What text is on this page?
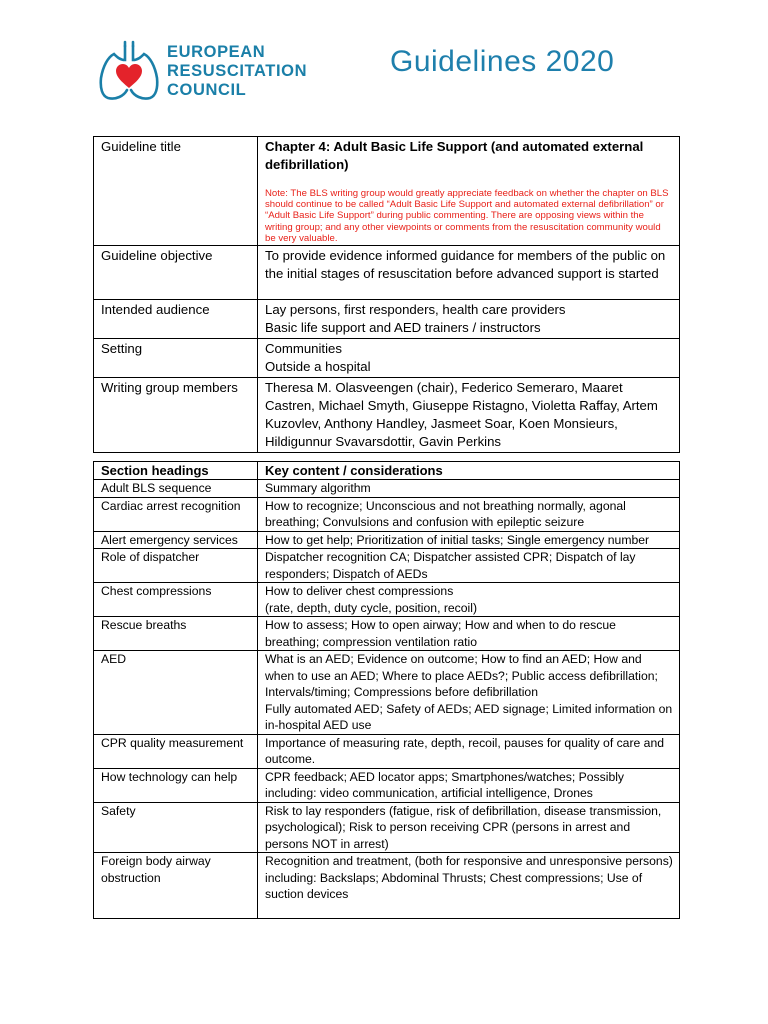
EUROPEAN
RESUSCITATION
COUNCIL
Guidelines 2020
Guideline title	Chapter 4: Adult Basic Life Support (and automated external defibrillation)
Note: The BLS writing group would greatly appreciate feedback on whether the chapter on BLS should continue to be called “Adult Basic Life Support and automated external defibrillation” or “Adult Basic Life Support” during public commenting. There are opposing views within the writing group; and any other viewpoints or comments from the resuscitation community would be very valuable.

Guideline objective	To provide evidence informed guidance for members of the public on the initial stages of resuscitation before advanced support is started
Intended audience	Lay persons, first responders, health care providers
Basic life support and AED trainers / instructors

Setting	Communities
Outside a hospital

Writing group members	Theresa M. Olasveengen (chair), Federico Semeraro, Maaret Castren, Michael Smyth, Giuseppe Ristagno, Violetta Raffay, Artem Kuzovlev, Anthony Handley, Jasmeet Soar, Koen Monsieurs, Hildigunnur Svavarsdottir, Gavin Perkins
Section headings	Key content / considerations
Adult BLS sequence	Summary algorithm

Cardiac arrest recognition	How to recognize; Unconscious and not breathing normally, agonal breathing; Convulsions and confusion with epileptic seizure

Alert emergency services	How to get help; Prioritization of initial tasks; Single emergency number

Role of dispatcher	Dispatcher recognition CA; Dispatcher assisted CPR; Dispatch of lay responders; Dispatch of AEDs

Chest compressions	How to deliver chest compressions
(rate, depth, duty cycle, position, recoil)

Rescue breaths	How to assess; How to open airway; How and when to do rescue breathing; compression ventilation ratio

AED	What is an AED; Evidence on outcome; How to find an AED; How and when to use an AED; Where to place AEDs?; Public access defibrillation; Intervals/timing; Compressions before defibrillation
Fully automated AED; Safety of AEDs; AED signage; Limited information on in-hospital AED use

CPR quality measurement	Importance of measuring rate, depth, recoil, pauses for quality of care and outcome.

How technology can help	CPR feedback; AED locator apps; Smartphones/watches; Possibly including: video communication, artificial intelligence, Drones

Safety	Risk to lay responders (fatigue, risk of defibrillation, disease transmission, psychological); Risk to person receiving CPR (persons in arrest and persons NOT in arrest)

Foreign body airway obstruction	Recognition and treatment, (both for responsive and unresponsive persons) including: Backslaps; Abdominal Thrusts; Chest compressions; Use of suction devices
